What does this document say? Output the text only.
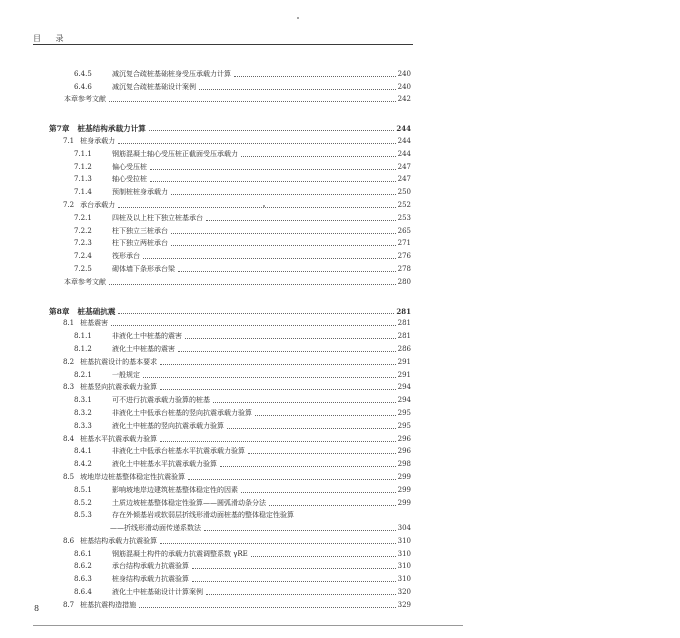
目 录
6.4.5	减沉复合疏桩基础桩身受压承载力计算	240
6.4.6	减沉复合疏桩基础设计案例	240
本章参考文献	242
第7章 桩基结构承载力计算	244
7.1 桩身承载力	244
7.1.1	钢筋混凝土轴心受压桩正截面受压承载力	244
7.1.2	偏心受压桩	247
7.1.3	轴心受拉桩	247
7.1.4	预制桩桩身承载力	250
7.2 承台承载力	252
7.2.1	四桩及以上柱下独立桩基承台	253
7.2.2	柱下独立三桩承台	265
7.2.3	柱下独立两桩承台	271
7.2.4	筏形承台	276
7.2.5	砌体墙下条形承台梁	278
本章参考文献	280
第8章 桩基础抗震	281
8.1 桩基震害	281
8.1.1	非液化土中桩基的震害	281
8.1.2	液化土中桩基的震害	286
8.2 桩基抗震设计的基本要求	291
8.2.1	一般规定	291
8.3 桩基竖向抗震承载力验算	294
8.3.1	可不进行抗震承载力验算的桩基	294
8.3.2	非液化土中低承台桩基的竖向抗震承载力验算	295
8.3.3	液化土中桩基的竖向抗震承载力验算	295
8.4 桩基水平抗震承载力验算	296
8.4.1	非液化土中低承台桩基水平抗震承载力验算	296
8.4.2	液化土中桩基水平抗震承载力验算	298
8.5 坡地岸边桩基整体稳定性抗震验算	299
8.5.1	影响坡地岸边建筑桩基整体稳定性的因素	299
8.5.2	土质边坡桩基整体稳定性验算——圆弧滑动条分法	299
8.5.3	存在外倾基岩或软弱层折线形滑动面桩基的整体稳定性验算
——折线形滑动面传递系数法	304
8.6 桩基结构承载力抗震验算	310
8.6.1	钢筋混凝土构件的承载力抗震调整系数 γRE	310
8.6.2	承台结构承载力抗震验算	310
8.6.3	桩身结构承载力抗震验算	310
8.6.4	液化土中桩基础设计计算案例	320
8.7 桩基抗震构造措施	329
8
